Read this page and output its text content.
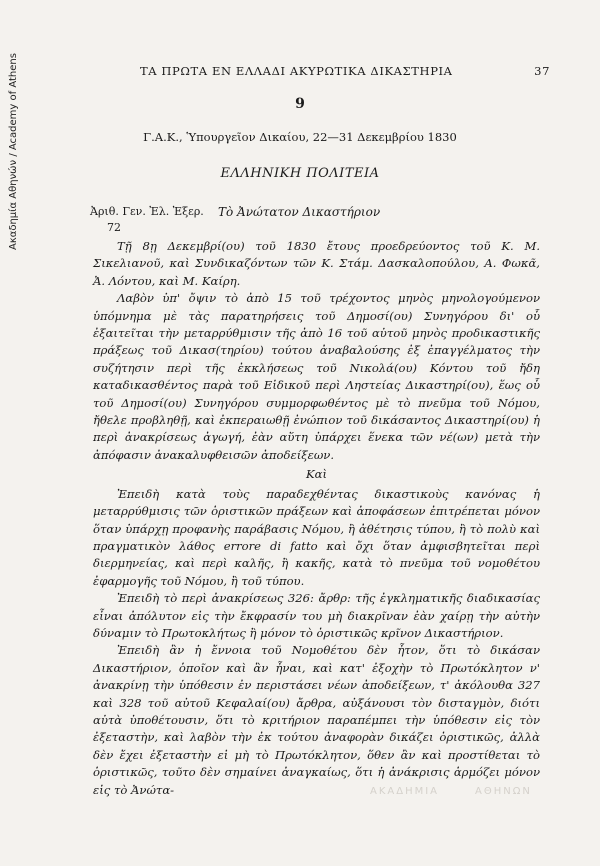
Ακαδημία Αθηνών / Academy of Athens	ΤΑ ΠΡΩΤΑ ΕΝ ΕΛΛΑΔΙ ΑΚΥΡΩΤΙΚΑ ΔΙΚΑΣΤΗΡΙΑ	37
9
Γ.Α.Κ., Ὑπουργεῖον Δικαίου, 22—31 Δεκεμβρίου 1830
ΕΛΛΗΝΙΚΗ ΠΟΛΙΤΕΙΑ
Ἀριθ. Γεν. Ἐλ. Ἐξερ.
72
Τὸ Ἀνώτατον Δικαστήριον

Τῇ 8ῃ Δεκεμβρί(ου) τοῦ 1830 ἔτους προεδρεύοντος τοῦ Κ. Μ. Σικελιανοῦ, καὶ Συνδικαζόντων τῶν Κ. Στάμ. Δασκαλοπούλου, Α. Φωκᾶ, Ἀ. Λόντου, καὶ Μ. Καίρη.

Λαβὸν ὑπ' ὄψιν τὸ ἀπὸ 15 τοῦ τρέχοντος μηνὸς μηνολογούμενον ὑπόμνημα μὲ τὰς παρατηρήσεις τοῦ Δημοσί(ου) Συνηγόρου δι' οὗ ἐξαιτεῖται τὴν μεταρρύθμισιν τῆς ἀπὸ 16 τοῦ αὐτοῦ μηνὸς προδικαστικῆς πράξεως τοῦ Δικασ(τηρίου) τούτου ἀναβαλούσης ἐξ ἐπαγγέλματος τὴν συζήτησιν περὶ τῆς ἐκκλήσεως τοῦ Νικολά(ου) Κόντου τοῦ ἤδη καταδικασθέντος παρὰ τοῦ Εἰδικοῦ περὶ Ληστείας Δικαστηρί(ου), ἕως οὗ τοῦ Δημοσί(ου) Συνηγόρου συμμορφωθέντος μὲ τὸ πνεῦμα τοῦ Νόμου, ἤθελε προβληθῇ, καὶ ἐκπεραιωθῇ ἐνώπιον τοῦ δικάσαντος Δικαστηρί(ου) ἡ περὶ ἀνακρίσεως ἀγωγή, ἐὰν αὕτη ὑπάρχει ἕνεκα τῶν νέ(ων) μετὰ τὴν ἀπόφασιν ἀνακαλυφθεισῶν ἀποδείξεων.

Καὶ

Ἐπειδὴ κατὰ τοὺς παραδεχθέντας δικαστικοὺς κανόνας ἡ μεταρρύθμισις τῶν ὁριστικῶν πράξεων καὶ ἀποφάσεων ἐπιτρέπεται μόνον ὅταν ὑπάρχῃ προφανὴς παράβασις Νόμου, ἢ ἀθέτησις τύπου, ἢ τὸ πολὺ καὶ πραγματικὸν λάθος errore di fatto καὶ ὄχι ὅταν ἀμφισβητεῖται περὶ διερμηνείας, καὶ περὶ καλῆς, ἢ κακῆς, κατὰ τὸ πνεῦμα τοῦ νομοθέτου ἐφαρμογῆς τοῦ Νόμου, ἢ τοῦ τύπου.

Ἐπειδὴ τὸ περὶ ἀνακρίσεως 326: ἄρθρ: τῆς ἐγκληματικῆς διαδικασίας εἶναι ἀπόλυτον εἰς τὴν ἔκφρασίν του μὴ διακρῖναν ἐὰν χαίρῃ τὴν αὐτὴν δύναμιν τὸ Πρωτοκλήτως ἢ μόνον τὸ ὁριστικῶς κρῖνον Δικαστήριον.

Ἐπειδὴ ἂν ἡ ἔννοια τοῦ Νομοθέτου δὲν ἦτον, ὅτι τὸ δικάσαν Δικαστήριον, ὁποῖον καὶ ἂν ἦναι, καὶ κατ' ἐξοχὴν τὸ Πρωτόκλητον ν' ἀνακρίνῃ τὴν ὑπόθεσιν ἐν περιστάσει νέων ἀποδείξεων, τ' ἀκόλουθα 327 καὶ 328 τοῦ αὐτοῦ Κεφαλαί(ου) ἄρθρα, αὐξάνουσι τὸν δισταγμὸν, διότι αὐτὰ ὑποθέτουσιν, ὅτι τὸ κριτήριον παραπέμπει τὴν ὑπόθεσιν εἰς τὸν ἐξεταστὴν, καὶ λαβὸν τὴν ἐκ τούτου ἀναφορὰν δικάζει ὁριστικῶς, ἀλλὰ δὲν ἔχει ἐξεταστὴν εἰ μὴ τὸ Πρωτόκλητον, ὅθεν ἂν καὶ προστίθεται τὸ ὁριστικῶς, τοῦτο δὲν σημαίνει ἀναγκαίως, ὅτι ἡ ἀνάκρισις ἁρμόζει μόνον εἰς τὸ Ἀνώτα-	ΑΚΑΔΗΜΙΑ	ΑΘΗΝΩΝ
